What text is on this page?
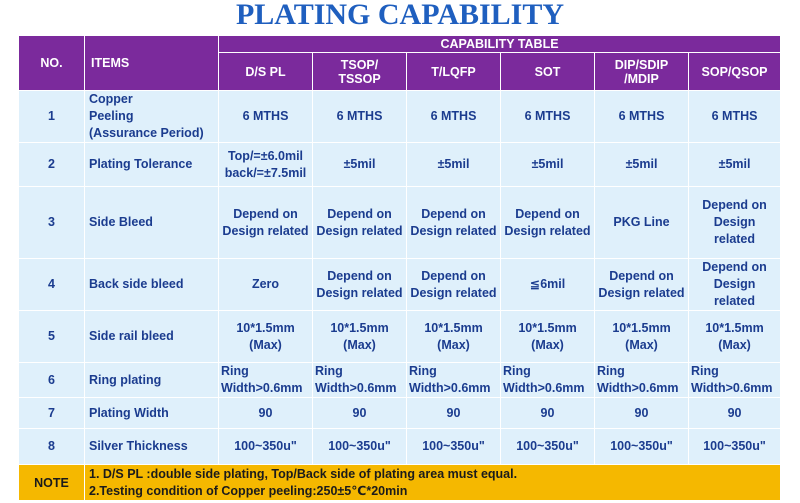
PLATING CAPABILITY
NO.	ITEMS	CAPABILITY TABLE					

		D/S PL	TSOP/
TSSOP	T/LQFP	SOT	DIP/SDIP
/MDIP	SOP/QSOP

1	Copper
Peeling
(Assurance Period)	6 MTHS	6 MTHS	6 MTHS	6 MTHS	6 MTHS	6 MTHS

2	Plating Tolerance	Top/=±6.0mil
back/=±7.5mil	±5mil	±5mil	±5mil	±5mil	±5mil

3	Side Bleed	Depend on
Design related	Depend on
Design related	Depend on
Design related	Depend on
Design related	PKG Line	Depend on
Design
related

4	Back side bleed	Zero	Depend on
Design related	Depend on
Design related	≦6mil	Depend on
Design related	Depend on
Design
related

5	Side rail bleed	10*1.5mm
(Max)	10*1.5mm
(Max)	10*1.5mm
(Max)	10*1.5mm
(Max)	10*1.5mm
(Max)	10*1.5mm
(Max)

6	Ring plating	Ring
Width>0.6mm	Ring
Width>0.6mm	Ring
Width>0.6mm	Ring
Width>0.6mm	Ring
Width>0.6mm	Ring
Width>0.6mm

7	Plating Width	90	90	90	90	90	90

8	Silver Thickness	100~350u"	100~350u"	100~350u"	100~350u"	100~350u"	100~350u"

NOTE	1. D/S PL :double side plating, Top/Back side of plating area must equal.
2.Testing condition of Copper peeling:250±5℃*20min						
